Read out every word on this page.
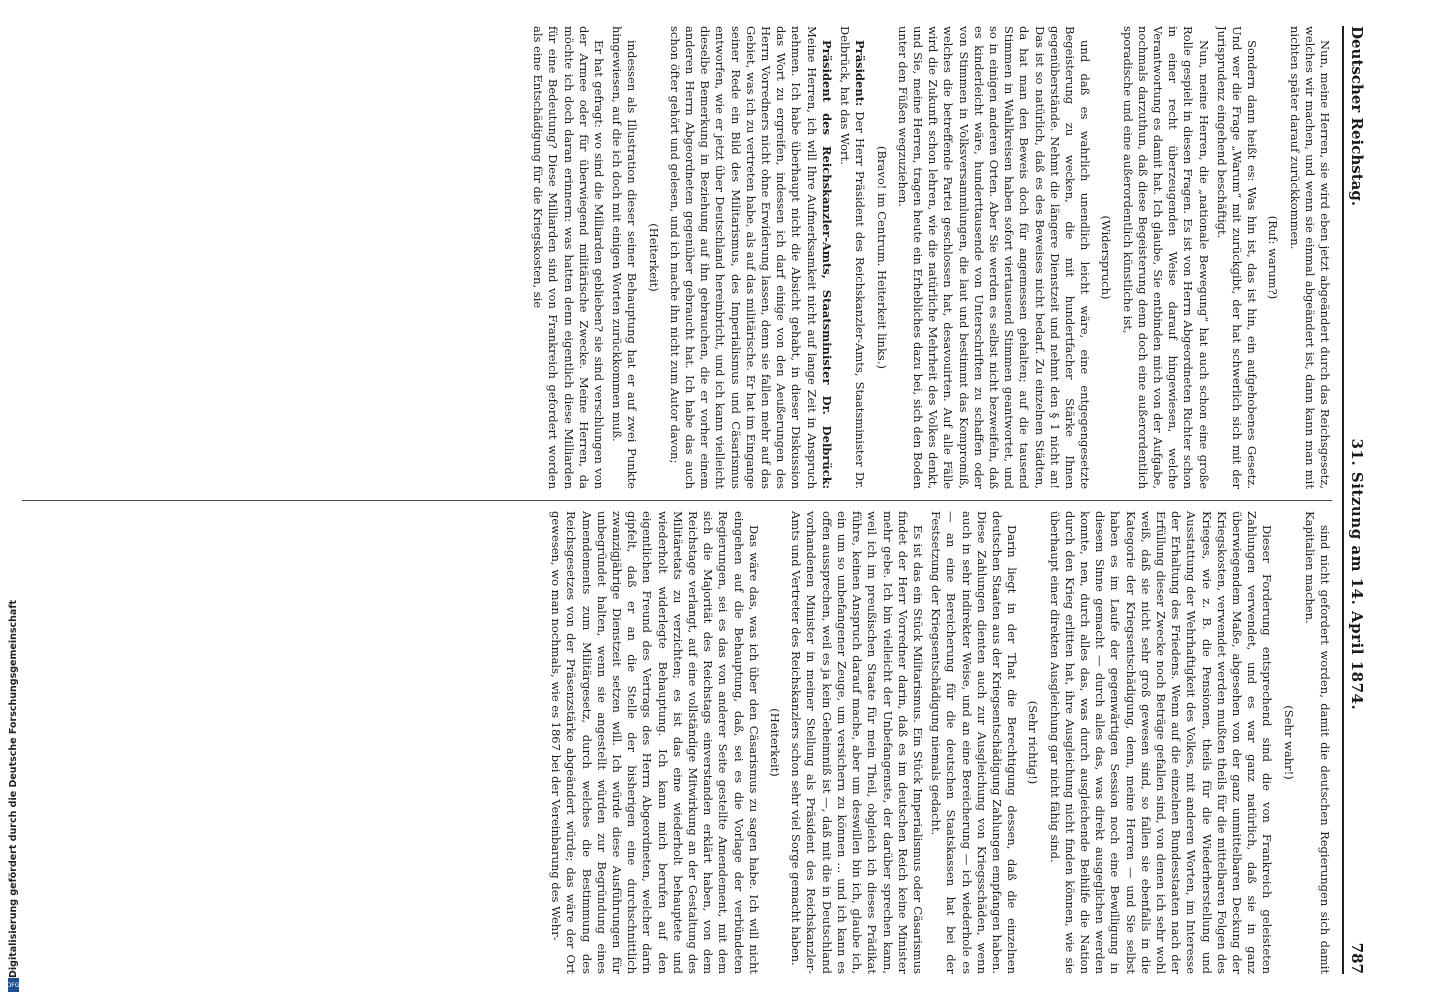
Deutscher Reichstag.
31. Sitzung am 14. April 1874.
787

Nun, meine Herren, sie wird eben jetzt abgeändert durch das Reichsgesetz, welches wir machen, und wenn sie einmal abgeändert ist, dann kann man mit nichten später darauf zurückkommen.

(Ruf: warum?)

Sondern dann heißt es: Was hin ist, das ist hin, ein aufgehobenes Gesetz. Und wer die Frage „Warum“ mit zurückgibt, der hat schwerlich sich mit der Jurisprudenz eingehend beschäftigt.

Nun, meine Herren, die „nationale Bewegung“ hat auch schon eine große Rolle gespielt in diesen Fragen. Es ist von Herrn Abgeordneten Richter schon in einer recht überzeugenden Weise darauf hingewiesen, welche Verantwortung es damit hat. Ich glaube, Sie entbinden mich von der Aufgabe, nochmals darzuthun, daß diese Begeisterung denn doch eine außerordentlich sporadische und eine außerordentlich künstliche ist,

(Widerspruch)

und daß es wahrlich unendlich leicht wäre, eine entgegengesetzte Begeisterung zu wecken, die mit hundertfacher Stärke Ihnen gegenüberstände. Nehmt die längere Dienstzeit und nehmt den § 1 nicht an! Das ist so natürlich, daß es des Beweises nicht bedarf. Zu einzelnen Städten, da hat man den Beweis doch für angemessen gehalten; auf die tausend Stimmen in Wahlkreisen haben sofort viertausend Stimmen geantwortet, und so in einigen anderen Orten. Aber Sie werden es selbst nicht bezweifeln, daß es kinderleicht wäre, hunderttausende von Unterschriften zu schaffen oder von Stimmen in Volksversammlungen, die laut und bestimmt das Kompromiß, welches die betreffende Partei geschlossen hat, desavouirten. Auf alle Fälle wird die Zukunft schon lehren, wie die natürliche Mehrheit des Volkes denkt, und Sie, meine Herren, tragen heute ein Erhebliches dazu bei, sich den Boden unter den Füßen wegzuziehen.

(Bravo! im Centrum. Heiterkeit links.)

Präsident: Der Herr Präsident des Reichskanzler-Amts, Staatsminister Dr. Delbrück, hat das Wort.

Präsident des Reichskanzler-Amts, Staatsminister Dr. Delbrück: Meine Herren, ich will Ihre Aufmerksamkeit nicht auf lange Zeit in Anspruch nehmen. Ich habe überhaupt nicht die Absicht gehabt, in dieser Diskussion das Wort zu ergreifen, indessen ich darf einige von den Aeußerungen des Herrn Vorredners nicht ohne Erwiderung lassen, denn sie fallen mehr auf das Gebiet, was ich zu vertreten habe, als auf das militärische. Er hat im Eingange seiner Rede ein Bild des Militarismus, des Imperialismus und Cäsarismus entworfen, wie er jetzt über Deutschland hereinbricht, und ich kann vielleicht dieselbe Bemerkung in Beziehung auf ihn gebrauchen, die er vorher einem anderen Herrn Abgeordneten gegenüber gebraucht hat. Ich habe das auch schon öfter gehört und gelesen, und ich mache ihn nicht zum Autor davon;

(Heiterkeit)

indessen als Illustration dieser seiner Behauptung hat er auf zwei Punkte hingewiesen, auf die ich doch mit einigen Worten zurückkommen muß.

Er hat gefragt: wo sind die Milliarden geblieben? sie sind verschlungen von der Armee oder für überwiegend militärische Zwecke. Meine Herren, da möchte ich doch daran erinnern: was hatten denn eigentlich diese Milliarden für eine Bedeutung? Diese Milliarden sind von Frankreich gefordert worden als eine Entschädigung für die Kriegskosten, sie

sind nicht gefordert worden, damit die deutschen Regierungen sich damit Kapitalien machen.

(Sehr wahr!)

Dieser Forderung entsprechend sind die von Frankreich geleisteten Zahlungen verwendet, und es war ganz natürlich, daß sie in ganz überwiegendem Maße, abgesehen von der ganz unmittelbaren Deckung der Kriegskosten, verwendet werden mußten theils für die mittelbaren Folgen des Krieges, wie z. B. die Pensionen, theils für die Wiederherstellung und Ausstattung der Wehrhaftigkeit des Volkes, mit anderen Worten, im Interesse der Erhaltung des Friedens. Wenn auf die einzelnen Bundesstaaten nach der Erfüllung dieser Zwecke noch Beträge gefallen sind, von denen ich sehr wohl weiß, daß sie nicht sehr groß gewesen sind, so fallen sie ebenfalls in die Kategorie der Kriegsentschädigung, denn, meine Herren — und Sie selbst haben es im Laufe der gegenwärtigen Session noch eine Bewilligung in diesem Sinne gemacht — durch alles das, was direkt ausgeglichen werden konnte, nen, durch alles das, was durch ausgleichende Beihilfe die Nation durch den Krieg erlitten hat, ihre Ausgleichung nicht finden können, wie sie überhaupt einer direkten Ausgleichung gar nicht fähig sind.

(Sehr richtig!)

Darin liegt in der That die Berechtigung dessen, daß die einzelnen deutschen Staaten aus der Kriegsentschädigung Zahlungen empfangen haben. Diese Zahlungen dienten auch zur Ausgleichung von Kriegsschäden, wenn auch in sehr indirekter Weise, und an eine Bereicherung — ich wiederhole es — an eine Bereicherung für die deutschen Staatskassen hat bei der Festsetzung der Kriegsentschädigung niemals gedacht.

Es ist das ein Stück Militarismus. Ein Stück Imperialismus oder Cäsarismus findet der Herr Vorredner darin, daß es im deutschen Reich keine Minister mehr gebe. Ich bin vielleicht der Unbefangenste, der darüber sprechen kann, weil ich im preußischen Staate für mein Theil, obgleich ich dieses Prädikat führe, keinen Anspruch darauf mache, aber um deswillen bin ich, glaube ich, ein um so unbefangener Zeuge, um versichern zu können ... und ich kann es offen aussprechen, weil es ja kein Geheimniß ist —, daß mit die in Deutschland vorhandenen Minister in meiner Stellung als Präsident des Reichskanzler-Amts und Vertreter des Reichskanzlers schon sehr viel Sorge gemacht haben.

(Heiterkeit)

Das wäre das, was ich über den Cäsarismus zu sagen habe. Ich will nicht eingehen auf die Behauptung, daß, sei es die Vorlage der verbündeten Regierungen, sei es das von anderer Seite gestellte Amendement, mit dem sich die Majorität des Reichstags einverstanden erklärt haben, von dem Reichstage verlangt, auf eine vollständige Mitwirkung an der Gestaltung des Militäretats zu verzichten; es ist das eine wiederholt behauptete und wiederholt widerlegte Behauptung. Ich kann mich berufen auf den eigentlichen Freund des Vertrags des Herrn Abgeordneten, welcher darin gipfelt, daß er an die Stelle der bisherigen eine durchschnittlich zwanzigjährige Dienstzeit setzen will. Ich würde diese Ausführungen für unbegründet halten, wenn sie angestellt würden zur Begründung eines Amendements zum Militärgesetz, durch welches die Bestimmung des Reichsgesetzes von der Präsenzstärke abgeändert würde; das wäre der Ort gewesen, wo man nochmals, wie es 1867 bei der Vereinbarung des Wehr-

DFG
Digitalisierung gefördert durch die Deutsche Forschungsgemeinschaft
